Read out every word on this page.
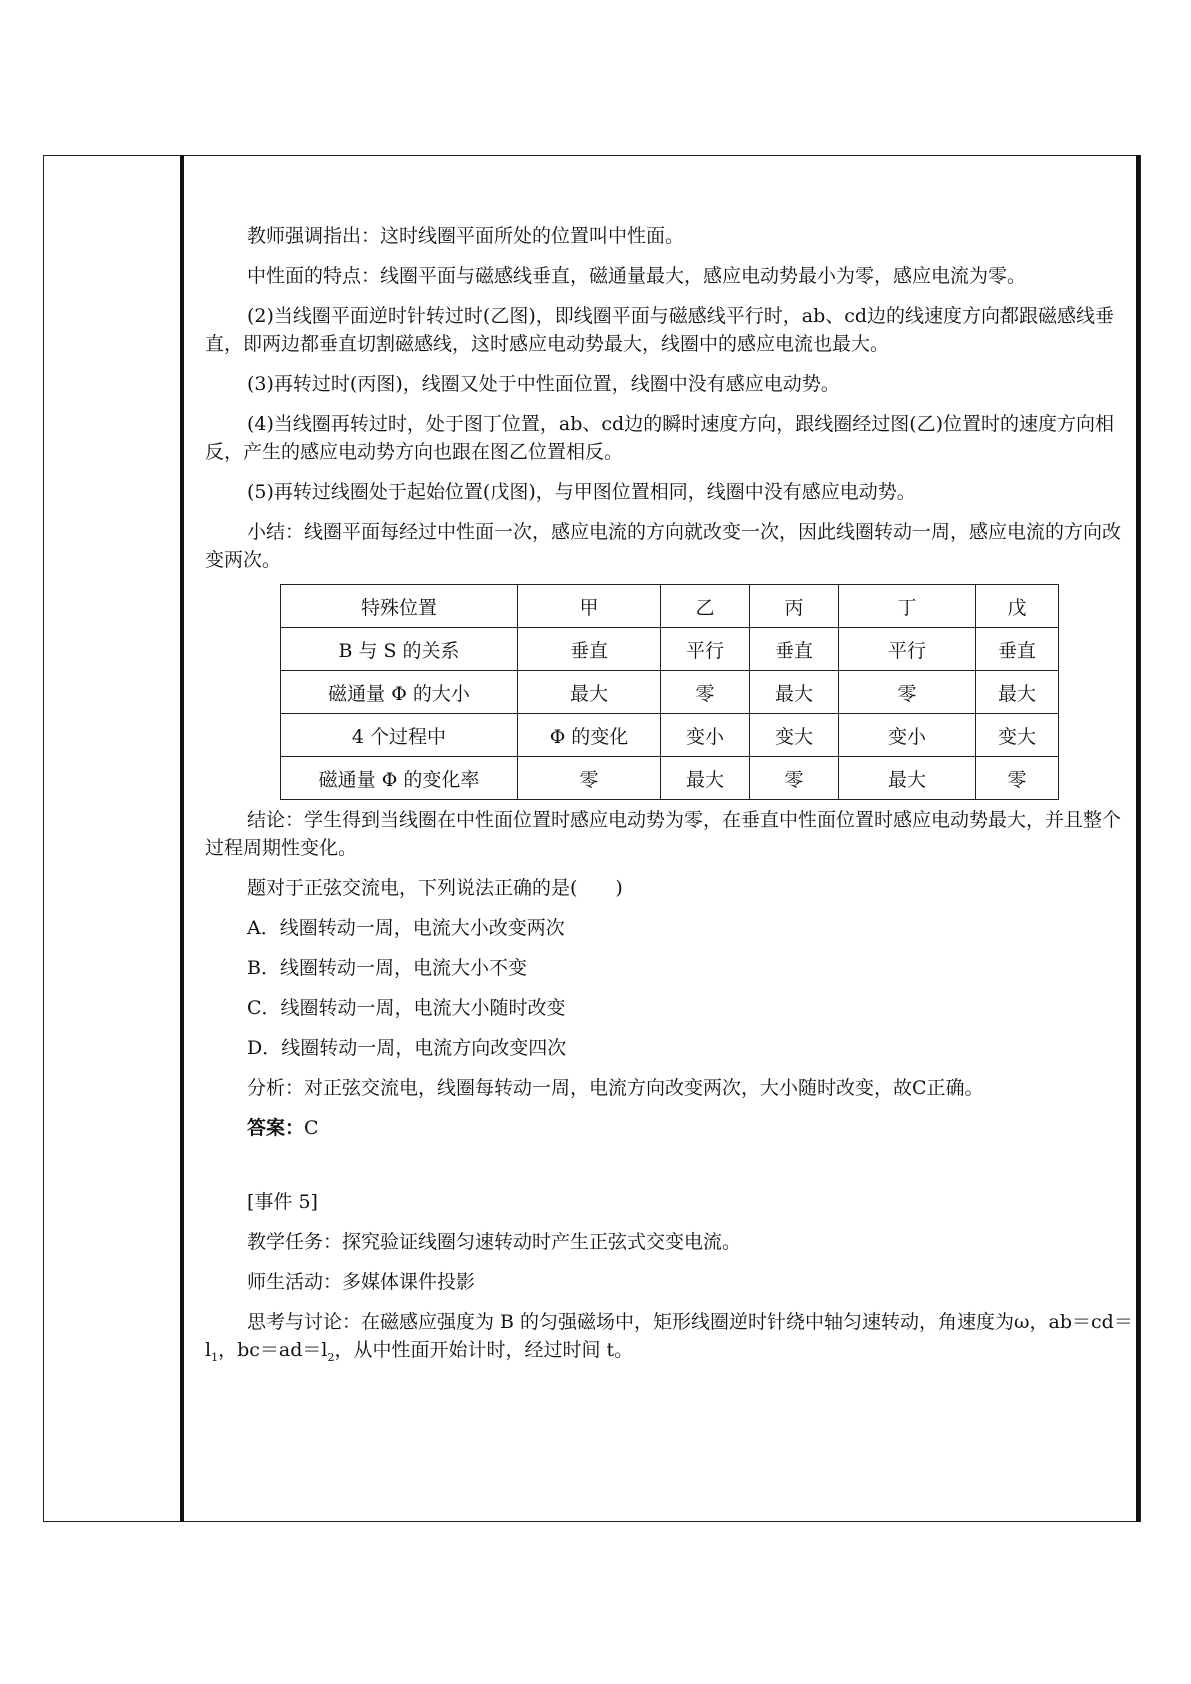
教师强调指出：这时线圈平面所处的位置叫中性面。

中性面的特点：线圈平面与磁感线垂直，磁通量最大，感应电动势最小为零，感应电流为零。

(2)当线圈平面逆时针转过时(乙图)，即线圈平面与磁感线平行时，ab、cd边的线速度方向都跟磁感线垂直，即两边都垂直切割磁感线，这时感应电动势最大，线圈中的感应电流也最大。

(3)再转过时(丙图)，线圈又处于中性面位置，线圈中没有感应电动势。

(4)当线圈再转过时，处于图丁位置，ab、cd边的瞬时速度方向，跟线圈经过图(乙)位置时的速度方向相反，产生的感应电动势方向也跟在图乙位置相反。

(5)再转过线圈处于起始位置(戊图)，与甲图位置相同，线圈中没有感应电动势。

小结：线圈平面每经过中性面一次，感应电流的方向就改变一次，因此线圈转动一周，感应电流的方向改变两次。

特殊位置	甲	乙	丙	丁	戊
B 与 S 的关系	垂直	平行	垂直	平行	垂直
磁通量 Φ 的大小	最大	零	最大	零	最大
4 个过程中	Φ 的变化	变小	变大	变小	变大
磁通量 Φ 的变化率	零	最大	零	最大	零

结论：学生得到当线圈在中性面位置时感应电动势为零，在垂直中性面位置时感应电动势最大，并且整个过程周期性变化。

题对于正弦交流电，下列说法正确的是(　　)

A．线圈转动一周，电流大小改变两次

B．线圈转动一周，电流大小不变

C．线圈转动一周，电流大小随时改变

D．线圈转动一周，电流方向改变四次

分析：对正弦交流电，线圈每转动一周，电流方向改变两次，大小随时改变，故C正确。

答案：C

[事件 5]

教学任务：探究验证线圈匀速转动时产生正弦式交变电流。

师生活动：多媒体课件投影

思考与讨论：在磁感应强度为 B 的匀强磁场中，矩形线圈逆时针绕中轴匀速转动，角速度为ω，$ab=cd=l_1$，$bc=ad=l_2$，从中性面开始计时，经过时间 t。
